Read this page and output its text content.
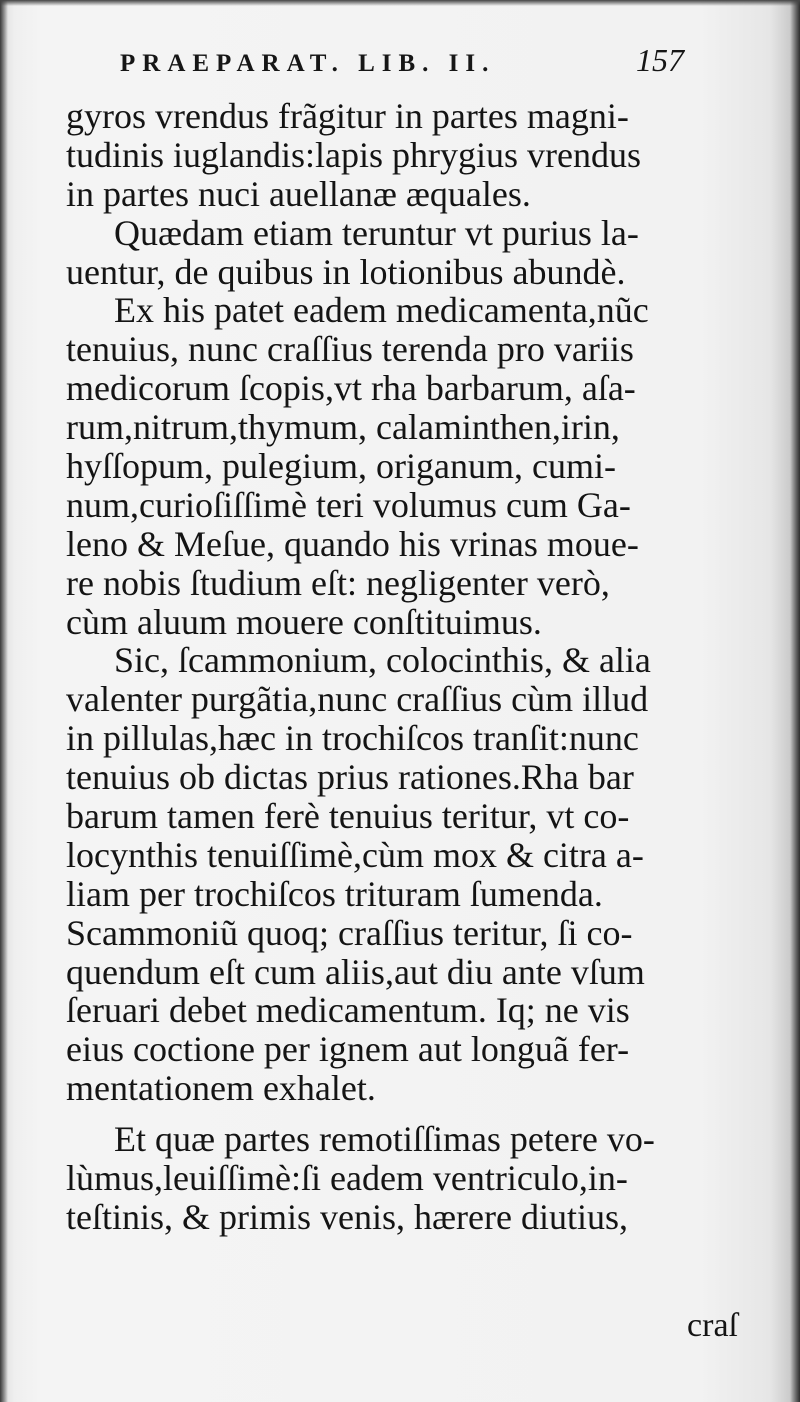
PRAEPARAT. LIB. II.	157
gyros vrendus frãgitur in partes magni-
tudinis iuglandis:lapis phrygius vrendus
in partes nuci auellanæ æquales.
Quædam etiam teruntur vt purius la-
uentur, de quibus in lotionibus abundè.
Ex his patet eadem medicamenta,nũc
tenuius, nunc craſſius terenda pro variis
medicorum ſcopis,vt rha barbarum, aſa-
rum,nitrum,thymum, calaminthen,irin,
hyſſopum, pulegium, origanum, cumi-
num,curioſiſſimè teri volumus cum Ga-
leno & Meſue, quando his vrinas moue-
re nobis ſtudium eſt: negligenter verò,
cùm aluum mouere conſtituimus.
Sic, ſcammonium, colocinthis, & alia
valenter purgãtia,nunc craſſius cùm illud
in pillulas,hæc in trochiſcos tranſit:nunc
tenuius ob dictas prius rationes.Rha bar
barum tamen ferè tenuius teritur, vt co-
locynthis tenuiſſimè,cùm mox & citra a-
liam per trochiſcos trituram ſumenda.
Scammoniũ quoq; craſſius teritur, ſi co-
quendum eſt cum aliis,aut diu ante vſum
ſeruari debet medicamentum. Iq; ne vis
eius coctione per ignem aut longuã fer-
mentationem exhalet.
Et quæ partes remotiſſimas petere vo-
lùmus,leuiſſimè:ſi eadem ventriculo,in-
teſtinis, & primis venis, hærere diutius,
craſ
